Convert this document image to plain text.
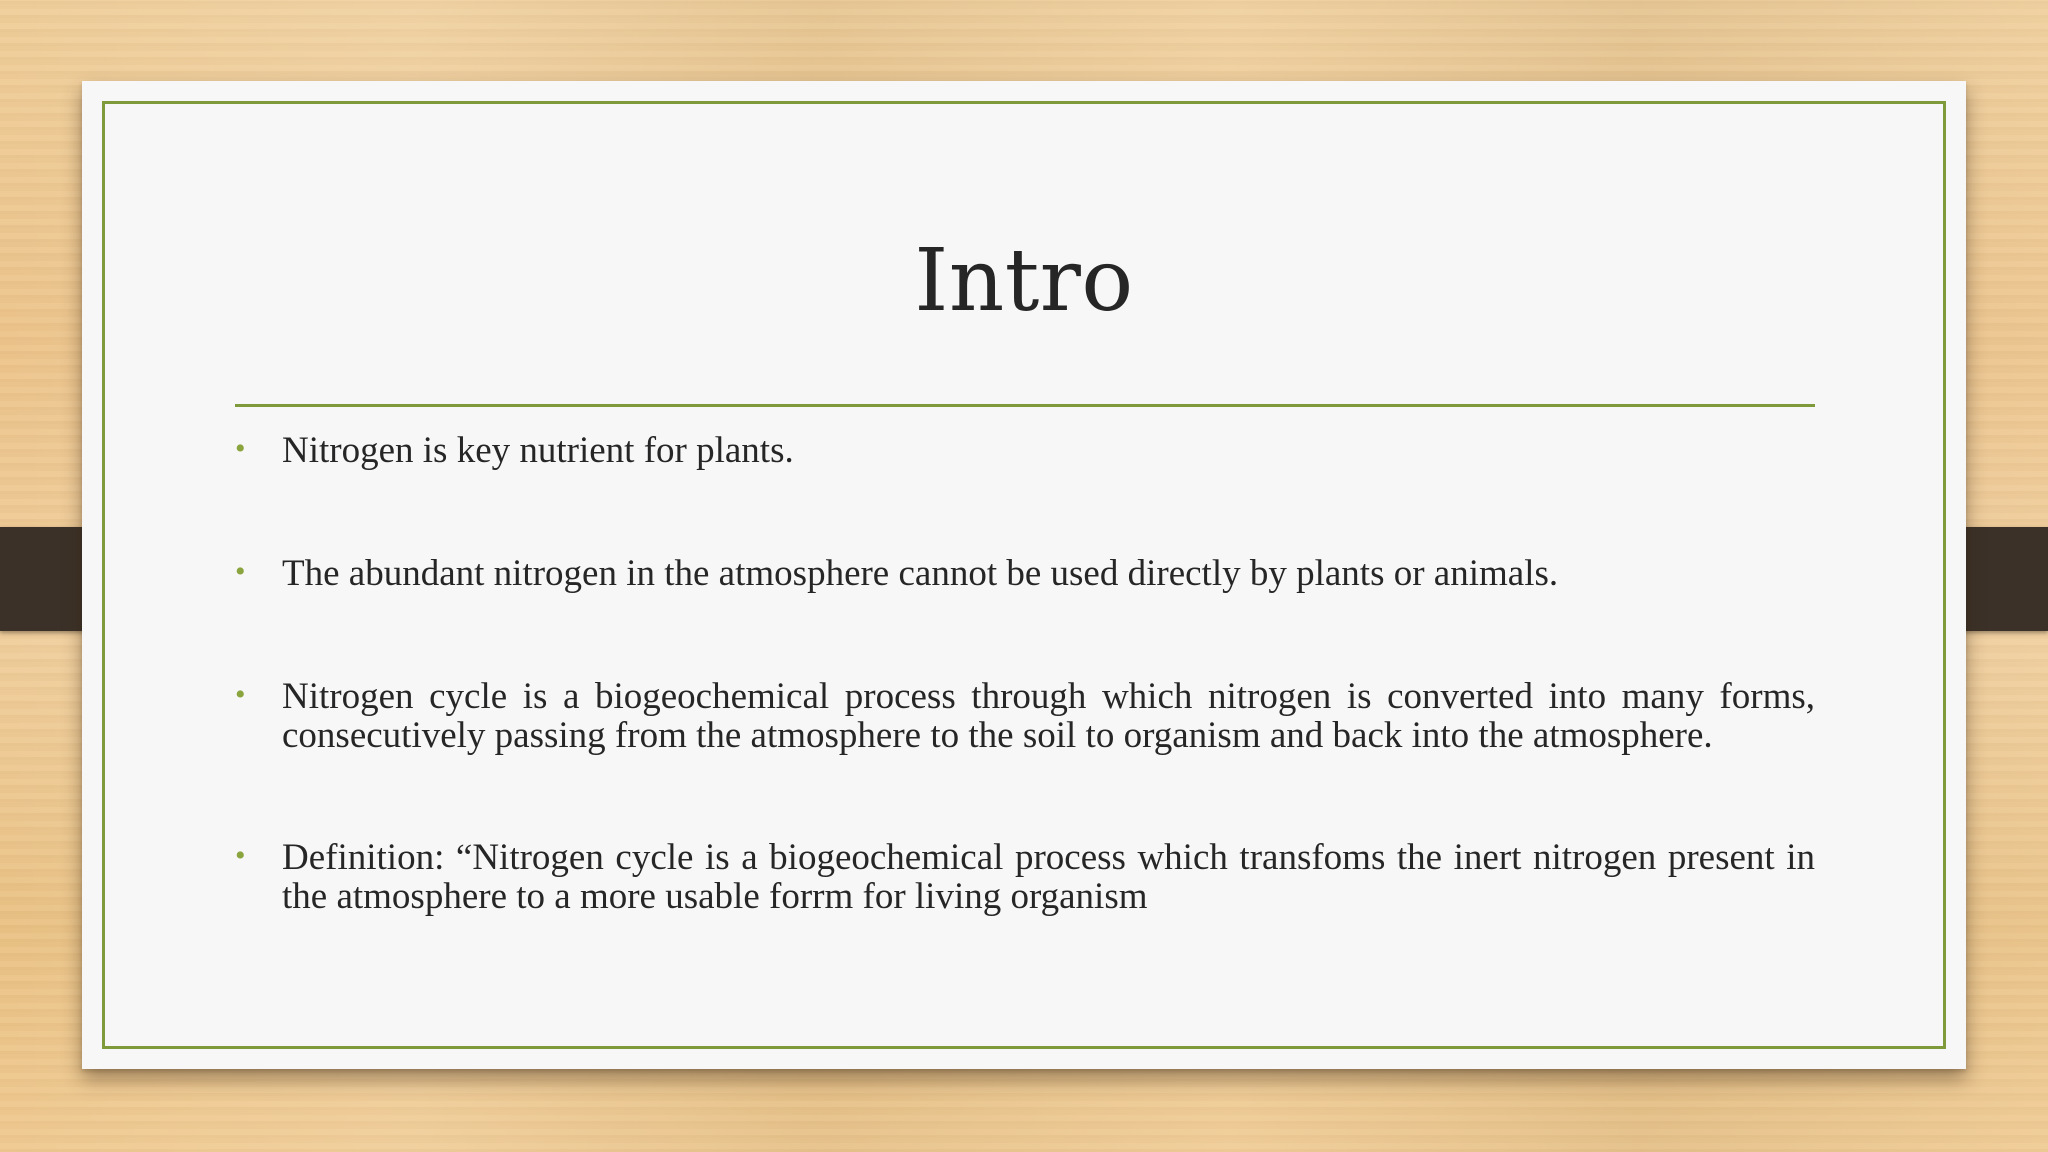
Intro
• Nitrogen is key nutrient for plants.
• The abundant nitrogen in the atmosphere cannot be used directly by plants or animals.
• Nitrogen cycle is a biogeochemical process through which nitrogen is converted into many forms, consecutively passing from the atmosphere to the soil to organism and back into the atmosphere.
• Definition: “Nitrogen cycle is a biogeochemical process which transfoms the inert nitrogen present in the atmosphere to a more usable forrm for living organism
